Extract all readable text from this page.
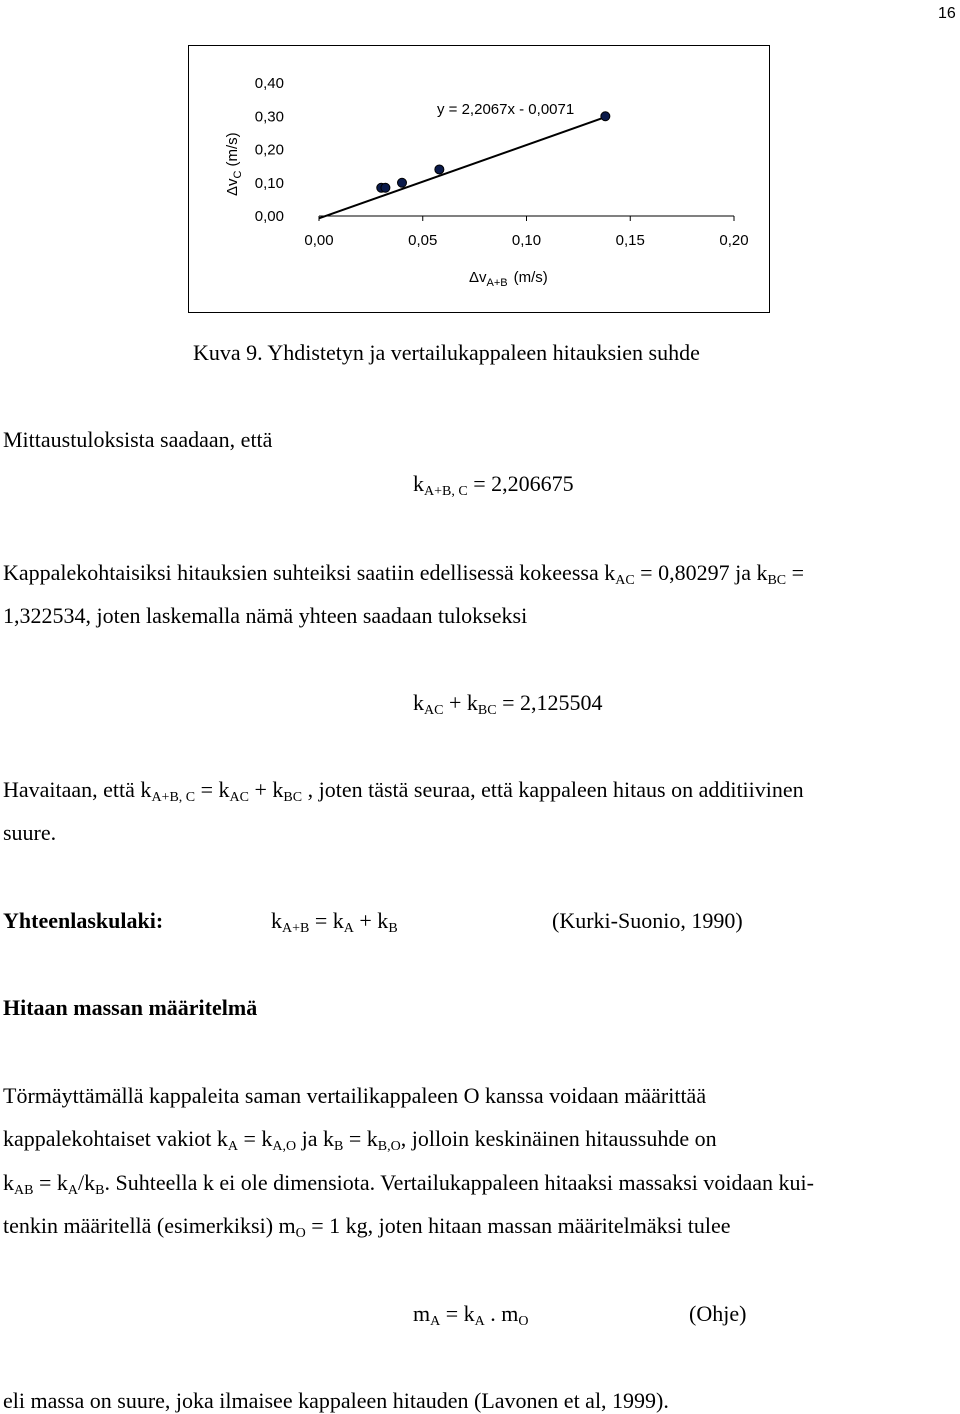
16
0,00	0,05	0,10	0,15	0,20
0,00
0,10
0,20
0,30
0,40
y = 2,2067x - 0,0071
$\Delta v_C(m/s)$
$\Delta v_{A+B}$ (m/s)
Kuva 9. Yhdistetyn ja vertailukappaleen hitauksien suhde
Mittaustuloksista saadaan, että
$k_{A+B, C} = 2,206675$
Kappalekohtaisiksi hitauksien suhteiksi saatiin edellisessä kokeessa $k_{AC} = 0,80297$ ja $k_{BC}$ =
1,322534, joten laskemalla nämä yhteen saadaan tulokseksi
$k_{AC} + k_{BC} = 2,125504$
Havaitaan, että $k_{A+B, C} = k_{AC} + k_{BC}$ , joten tästä seuraa, että kappaleen hitaus on additiivinen
suure.
Yhteenlaskulaki:	$k_{A+B} = k_A + k_B$	(Kurki-Suonio, 1990)
Hitaan massan määritelmä
Törmäyttämällä kappaleita saman vertailikappaleen O kanssa voidaan määrittää
kappalekohtaiset vakiot $k_A = k_{A,O}$ ja $k_B = k_{B,O}$, jolloin keskinäinen hitaussuhde on
$k_{AB} = k_A/k_B$. Suhteella k ei ole dimensiota. Vertailukappaleen hitaaksi massaksi voidaan kui-
tenkin määritellä (esimerkiksi) $m_O = 1$ kg, joten hitaan massan määritelmäksi tulee
$m_A = k_A$ . $m_O$	(Ohje)
eli massa on suure, joka ilmaisee kappaleen hitauden (Lavonen et al, 1999).
